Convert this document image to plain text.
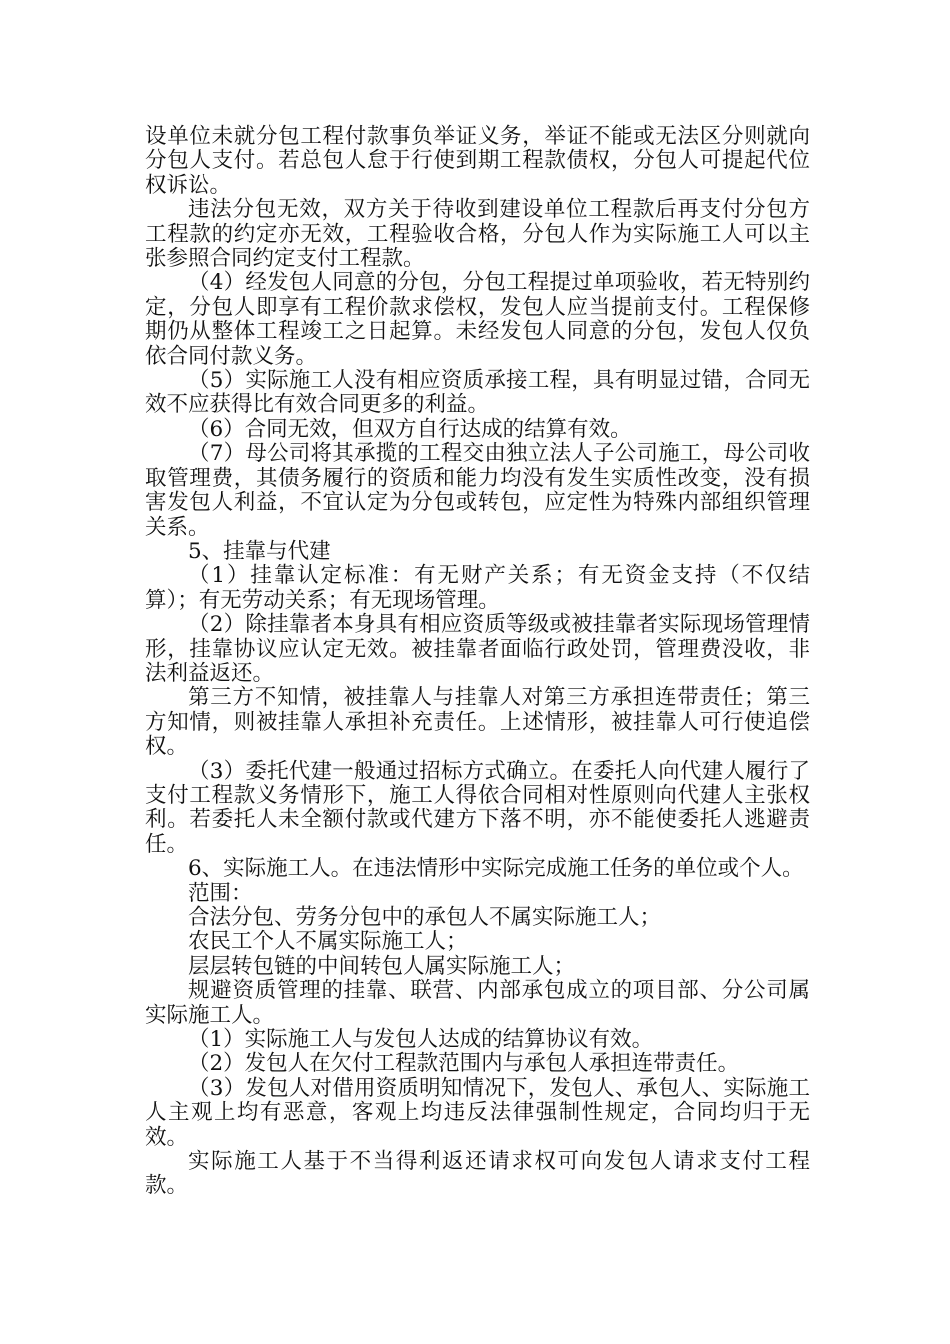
设单位未就分包工程付款事负举证义务，举证不能或无法区分则就向分包人支付。若总包人怠于行使到期工程款债权，分包人可提起代位权诉讼。

违法分包无效，双方关于待收到建设单位工程款后再支付分包方工程款的约定亦无效，工程验收合格，分包人作为实际施工人可以主张参照合同约定支付工程款。

（4）经发包人同意的分包，分包工程提过单项验收，若无特别约定，分包人即享有工程价款求偿权，发包人应当提前支付。工程保修期仍从整体工程竣工之日起算。未经发包人同意的分包，发包人仅负依合同付款义务。

（5）实际施工人没有相应资质承接工程，具有明显过错，合同无效不应获得比有效合同更多的利益。

（6）合同无效，但双方自行达成的结算有效。

（7）母公司将其承揽的工程交由独立法人子公司施工，母公司收取管理费，其债务履行的资质和能力均没有发生实质性改变，没有损害发包人利益，不宜认定为分包或转包，应定性为特殊内部组织管理关系。

5、挂靠与代建

（1）挂靠认定标准：有无财产关系；有无资金支持（不仅结算）；有无劳动关系；有无现场管理。

（2）除挂靠者本身具有相应资质等级或被挂靠者实际现场管理情形，挂靠协议应认定无效。被挂靠者面临行政处罚，管理费没收，非法利益返还。

第三方不知情，被挂靠人与挂靠人对第三方承担连带责任；第三方知情，则被挂靠人承担补充责任。上述情形，被挂靠人可行使追偿权。

（3）委托代建一般通过招标方式确立。在委托人向代建人履行了支付工程款义务情形下，施工人得依合同相对性原则向代建人主张权利。若委托人未全额付款或代建方下落不明，亦不能使委托人逃避责任。

6、实际施工人。在违法情形中实际完成施工任务的单位或个人。

范围：

合法分包、劳务分包中的承包人不属实际施工人；

农民工个人不属实际施工人；

层层转包链的中间转包人属实际施工人；

规避资质管理的挂靠、联营、内部承包成立的项目部、分公司属实际施工人。

（1）实际施工人与发包人达成的结算协议有效。

（2）发包人在欠付工程款范围内与承包人承担连带责任。

（3）发包人对借用资质明知情况下，发包人、承包人、实际施工人主观上均有恶意，客观上均违反法律强制性规定，合同均归于无效。

实际施工人基于不当得利返还请求权可向发包人请求支付工程款。
